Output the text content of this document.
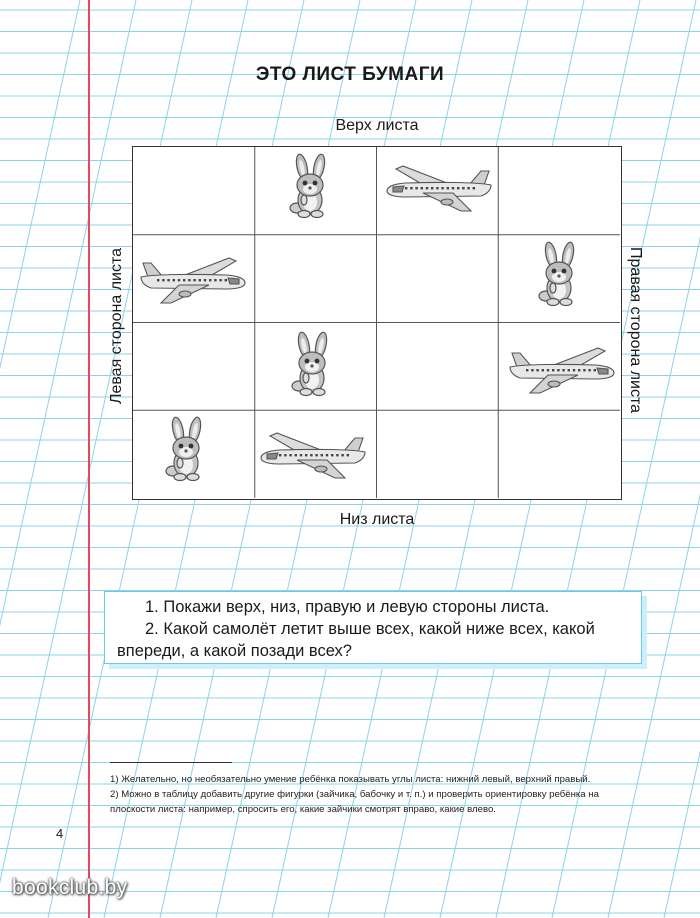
ЭТО ЛИСТ БУМАГИ
Верх листа
Левая сторона листа	Правая сторона листа
Низ листа
1. Покажи верх, низ, правую и левую стороны листа.
2. Какой самолёт летит выше всех, какой ниже всех, какой
впереди, а какой позади всех?

1) Желательно, но необязательно умение ребёнка показывать углы листа: нижний левый, верхний правый.

2) Можно в таблицу добавить другие фигурки (зайчика, бабочку и т. п.) и проверить ориентировку ребёнка на плоскости листа: например, спросить его, какие зайчики смотрят вправо, какие влево.

4
bookclub.by
